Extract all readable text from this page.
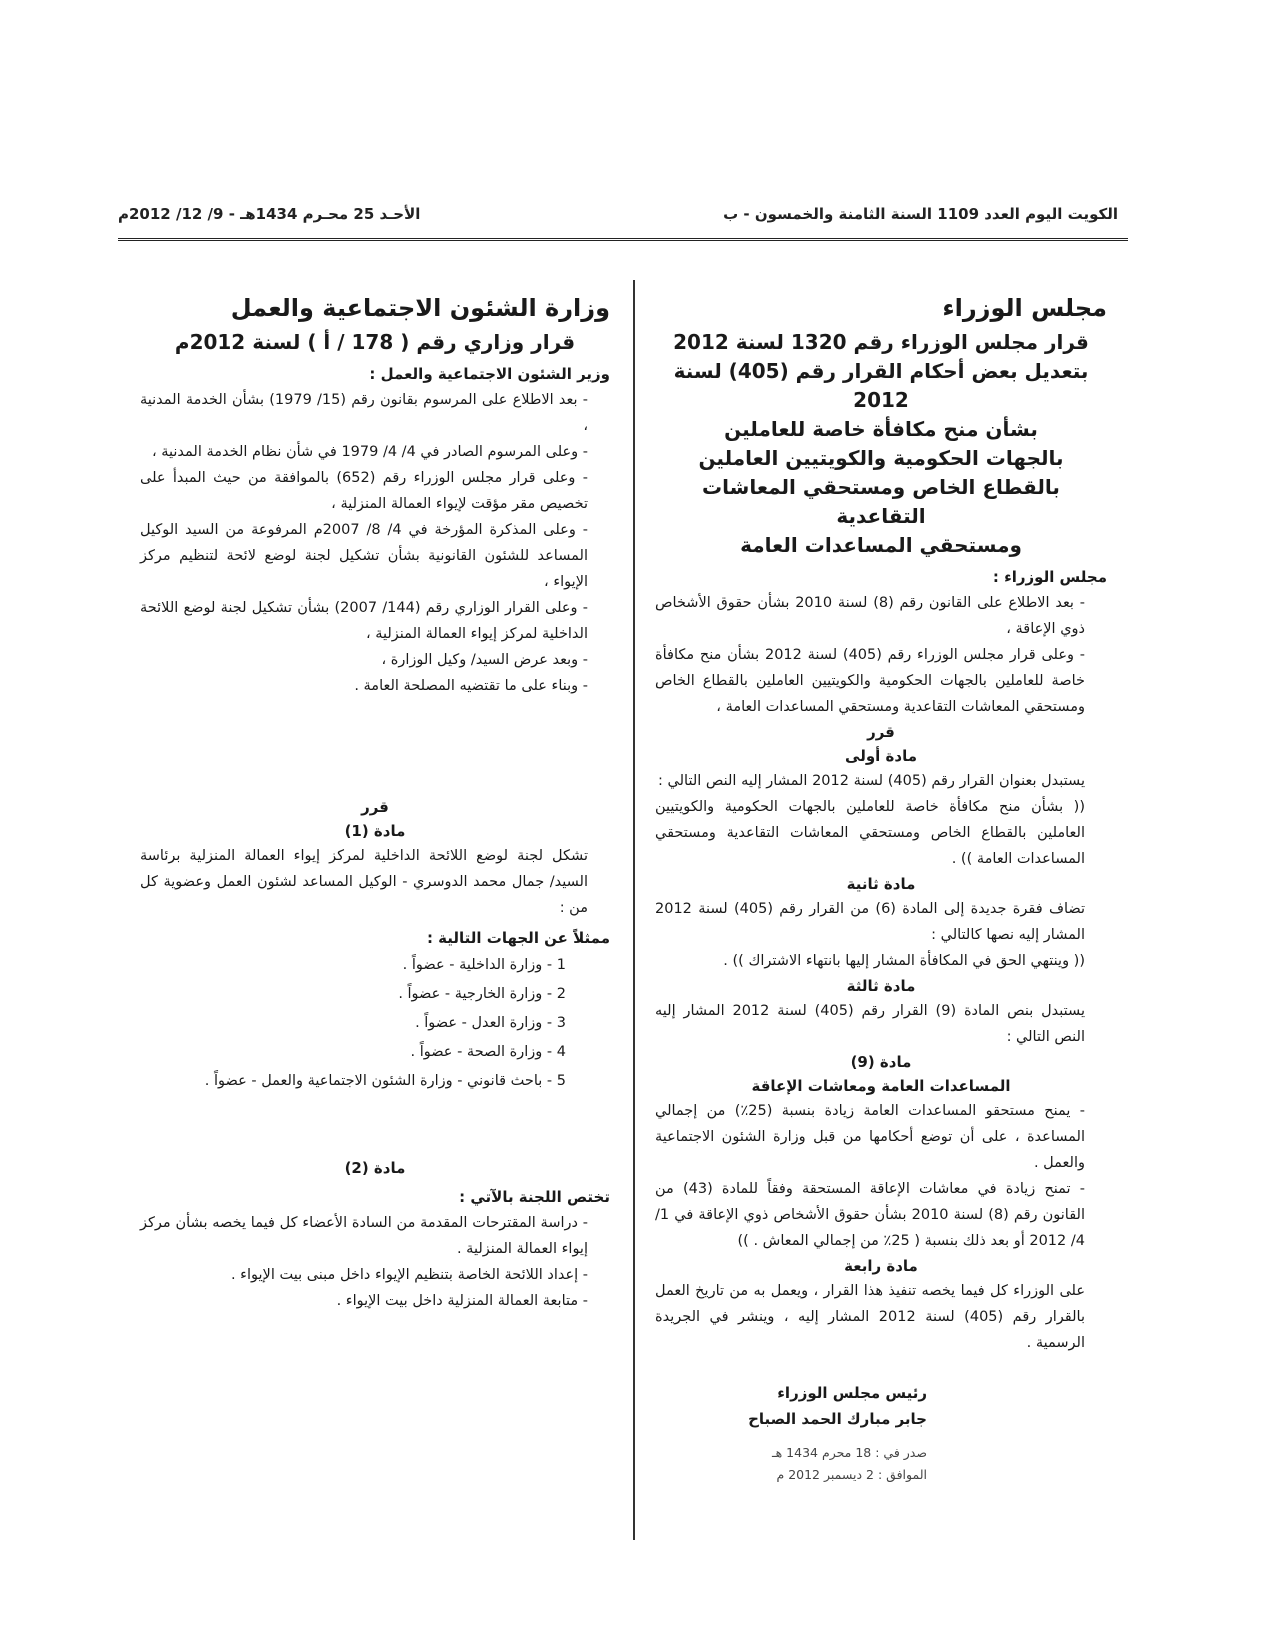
الكويت اليوم العدد 1109 السنة الثامنة والخمسون - ب
الأحـد 25 محـرم 1434هـ - 9/ 12/ 2012م

مجلس الوزراء

قرار مجلس الوزراء رقم 1320 لسنة 2012

بتعديل بعض أحكام القرار رقم (405) لسنة 2012

بشأن منح مكافأة خاصة للعاملين

بالجهات الحكومية والكويتيين العاملين

بالقطاع الخاص ومستحقي المعاشات التقاعدية

ومستحقي المساعدات العامة

مجلس الوزراء :

- بعد الاطلاع على القانون رقم (8) لسنة 2010 بشأن حقوق الأشخاص ذوي الإعاقة ،

- وعلى قرار مجلس الوزراء رقم (405) لسنة 2012 بشأن منح مكافأة خاصة للعاملين بالجهات الحكومية والكويتيين العاملين بالقطاع الخاص ومستحقي المعاشات التقاعدية ومستحقي المساعدات العامة ،

قرر

مادة أولى

يستبدل بعنوان القرار رقم (405) لسنة 2012 المشار إليه النص التالي :

(( بشأن منح مكافأة خاصة للعاملين بالجهات الحكومية والكويتيين العاملين بالقطاع الخاص ومستحقي المعاشات التقاعدية ومستحقي المساعدات العامة )) .

مادة ثانية

تضاف فقرة جديدة إلى المادة (6) من القرار رقم (405) لسنة 2012 المشار إليه نصها كالتالي :

(( وينتهي الحق في المكافأة المشار إليها بانتهاء الاشتراك )) .

مادة ثالثة

يستبدل بنص المادة (9) القرار رقم (405) لسنة 2012 المشار إليه النص التالي :

مادة (9)

المساعدات العامة ومعاشات الإعاقة

- يمنح مستحقو المساعدات العامة زيادة بنسبة (25٪) من إجمالي المساعدة ، على أن توضع أحكامها من قبل وزارة الشئون الاجتماعية والعمل .

- تمنح زيادة في معاشات الإعاقة المستحقة وفقاً للمادة (43) من القانون رقم (8) لسنة 2010 بشأن حقوق الأشخاص ذوي الإعاقة في 1/ 4/ 2012 أو بعد ذلك بنسبة ( 25٪ من إجمالي المعاش . ))

مادة رابعة

على الوزراء كل فيما يخصه تنفيذ هذا القرار ، ويعمل به من تاريخ العمل بالقرار رقم (405) لسنة 2012 المشار إليه ، وينشر في الجريدة الرسمية .

رئيس مجلس الوزراء

جابر مبارك الحمد الصباح

صدر في : 18 محرم 1434 هـ

الموافق : 2 ديسمبر 2012 م

وزارة الشئون الاجتماعية والعمل

قرار وزاري رقم ( 178 / أ ) لسنة 2012م

وزير الشئون الاجتماعية والعمل :

- بعد الاطلاع على المرسوم بقانون رقم (15/ 1979) بشأن الخدمة المدنية ،

- وعلى المرسوم الصادر في 4/ 4/ 1979 في شأن نظام الخدمة المدنية ،

- وعلى قرار مجلس الوزراء رقم (652) بالموافقة من حيث المبدأ على تخصيص مقر مؤقت لإيواء العمالة المنزلية ،

- وعلى المذكرة المؤرخة في 4/ 8/ 2007م المرفوعة من السيد الوكيل المساعد للشئون القانونية بشأن تشكيل لجنة لوضع لائحة لتنظيم مركز الإيواء ،

- وعلى القرار الوزاري رقم (144/ 2007) بشأن تشكيل لجنة لوضع اللائحة الداخلية لمركز إيواء العمالة المنزلية ،

- وبعد عرض السيد/ وكيل الوزارة ،

- وبناء على ما تقتضيه المصلحة العامة .

قرر

مادة (1)

تشكل لجنة لوضع اللائحة الداخلية لمركز إيواء العمالة المنزلية برئاسة السيد/ جمال محمد الدوسري - الوكيل المساعد لشئون العمل وعضوية كل من :

ممثلاً عن الجهات التالية :

1 - وزارة الداخلية - عضواً .

2 - وزارة الخارجية - عضواً .

3 - وزارة العدل - عضواً .

4 - وزارة الصحة - عضواً .

5 - باحث قانوني - وزارة الشئون الاجتماعية والعمل - عضواً .

مادة (2)

تختص اللجنة بالآتي :

- دراسة المقترحات المقدمة من السادة الأعضاء كل فيما يخصه بشأن مركز إيواء العمالة المنزلية .

- إعداد اللائحة الخاصة بتنظيم الإيواء داخل مبنى بيت الإيواء .

- متابعة العمالة المنزلية داخل بيت الإيواء .
